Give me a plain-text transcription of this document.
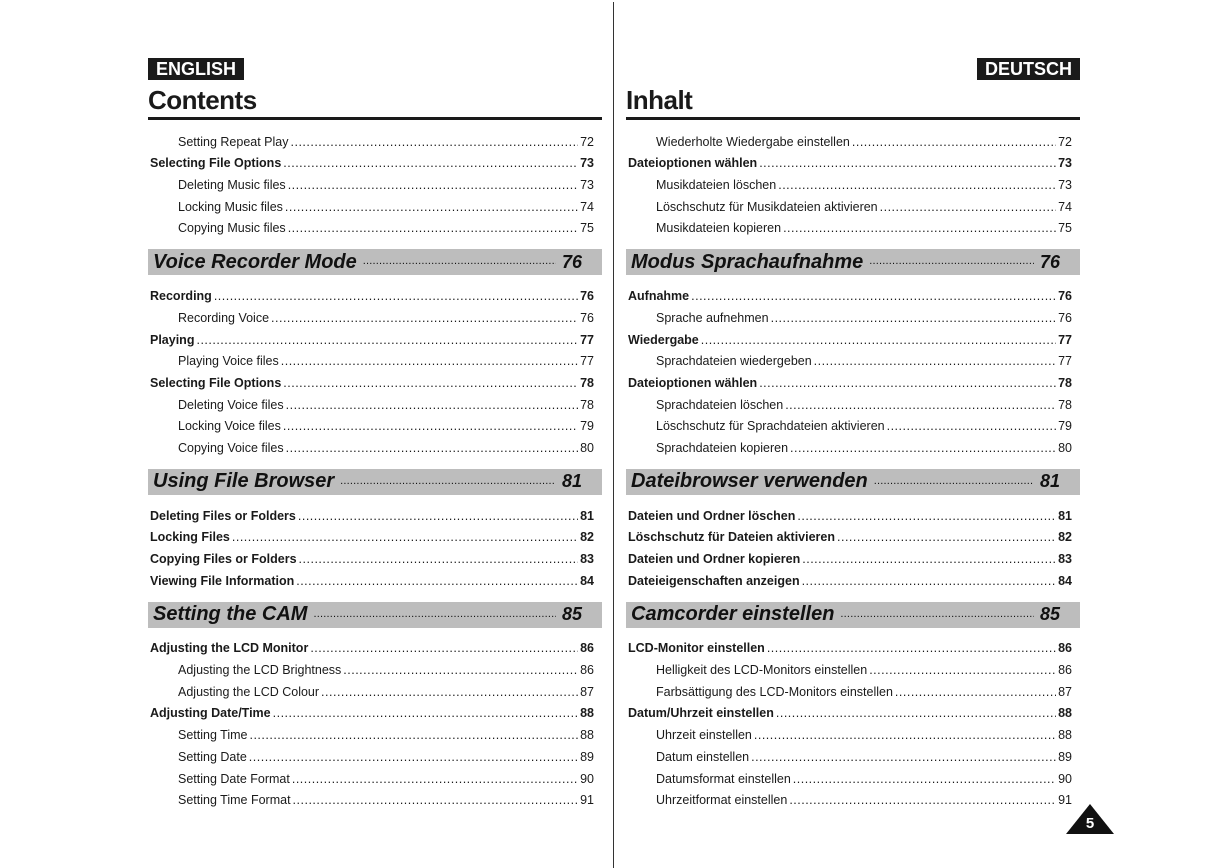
ENGLISH
Contents
Setting Repeat Play .....	72
Selecting File Options .....	73
Deleting Music files .....	73
Locking Music files .....	74
Copying Music files .....	75
Voice Recorder Mode .....	76
Recording .....	76
Recording Voice .....	76
Playing .....	77
Playing Voice files .....	77
Selecting File Options .....	78
Deleting Voice files .....	78
Locking Voice files .....	79
Copying Voice files .....	80
Using File Browser .....	81
Deleting Files or Folders .....	81
Locking Files .....	82
Copying Files or Folders .....	83
Viewing File Information .....	84
Setting the CAM .....	85
Adjusting the LCD Monitor .....	86
Adjusting the LCD Brightness .....	86
Adjusting the LCD Colour .....	87
Adjusting Date/Time .....	88
Setting Time .....	88
Setting Date .....	89
Setting Date Format .....	90
Setting Time Format .....	91
DEUTSCH
Inhalt
Wiederholte Wiedergabe einstellen .....	72
Dateioptionen wählen .....	73
Musikdateien löschen .....	73
Löschschutz für Musikdateien aktivieren .....	74
Musikdateien kopieren .....	75
Modus Sprachaufnahme .....	76
Aufnahme .....	76
Sprache aufnehmen .....	76
Wiedergabe .....	77
Sprachdateien wiedergeben .....	77
Dateioptionen wählen .....	78
Sprachdateien löschen .....	78
Löschschutz für Sprachdateien aktivieren .....	79
Sprachdateien kopieren .....	80
Dateibrowser verwenden .....	81
Dateien und Ordner löschen .....	81
Löschschutz für Dateien aktivieren .....	82
Dateien und Ordner kopieren .....	83
Dateieigenschaften anzeigen .....	84
Camcorder einstellen .....	85
LCD-Monitor einstellen .....	86
Helligkeit des LCD-Monitors einstellen .....	86
Farbsättigung des LCD-Monitors einstellen .....	87
Datum/Uhrzeit einstellen .....	88
Uhrzeit einstellen .....	88
Datum einstellen .....	89
Datumsformat einstellen .....	90
Uhrzeitformat einstellen .....	91
5
